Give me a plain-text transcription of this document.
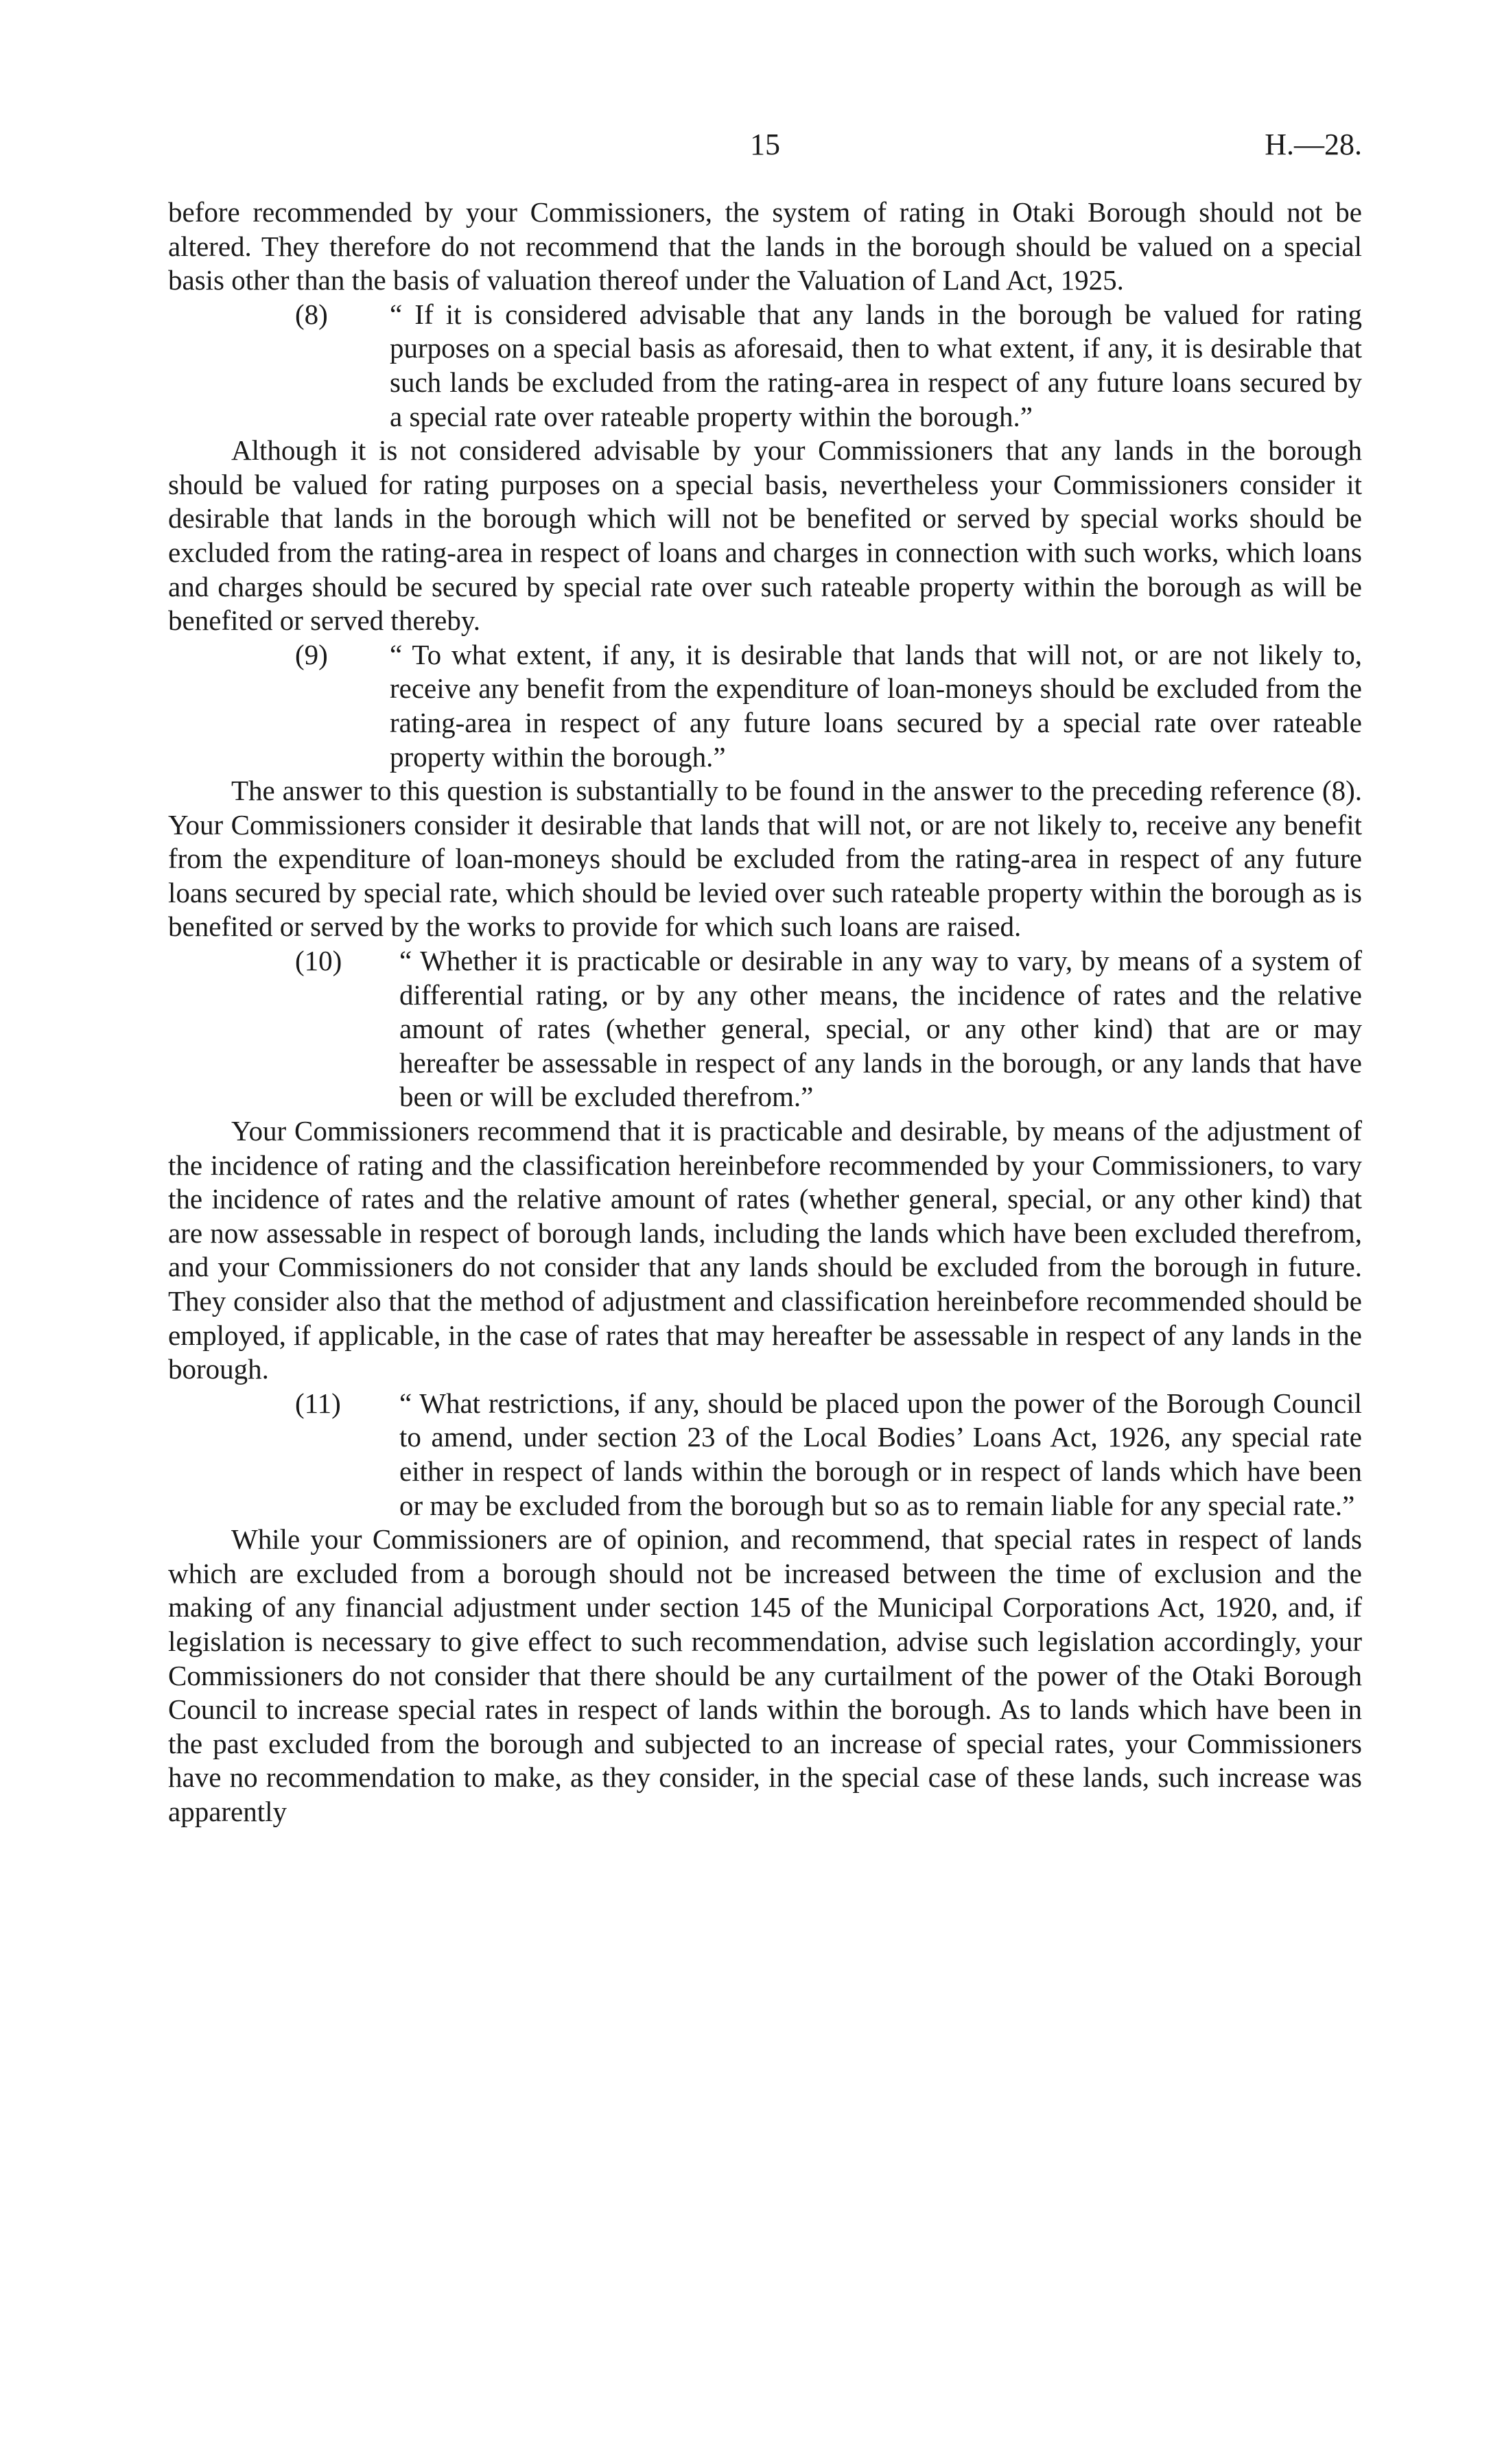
15	H.—28.

before recommended by your Commissioners, the system of rating in Otaki Borough should not be altered. They therefore do not recommend that the lands in the borough should be valued on a special basis other than the basis of valuation thereof under the Valuation of Land Act, 1925.

(8) “ If it is considered advisable that any lands in the borough be valued for rating purposes on a special basis as aforesaid, then to what extent, if any, it is desirable that such lands be excluded from the rating-area in respect of any future loans secured by a special rate over rateable property within the borough.”

Although it is not considered advisable by your Commissioners that any lands in the borough should be valued for rating purposes on a special basis, nevertheless your Commissioners consider it desirable that lands in the borough which will not be benefited or served by special works should be excluded from the rating-area in respect of loans and charges in connection with such works, which loans and charges should be secured by special rate over such rateable property within the borough as will be benefited or served thereby.

(9) “ To what extent, if any, it is desirable that lands that will not, or are not likely to, receive any benefit from the expenditure of loan-moneys should be excluded from the rating-area in respect of any future loans secured by a special rate over rateable property within the borough.”

The answer to this question is substantially to be found in the answer to the preceding reference (8). Your Commissioners consider it desirable that lands that will not, or are not likely to, receive any benefit from the expenditure of loan-moneys should be excluded from the rating-area in respect of any future loans secured by special rate, which should be levied over such rateable property within the borough as is benefited or served by the works to provide for which such loans are raised.

(10) “ Whether it is practicable or desirable in any way to vary, by means of a system of differential rating, or by any other means, the incidence of rates and the relative amount of rates (whether general, special, or any other kind) that are or may hereafter be assessable in respect of any lands in the borough, or any lands that have been or will be excluded therefrom.”

Your Commissioners recommend that it is practicable and desirable, by means of the adjustment of the incidence of rating and the classification hereinbefore recommended by your Commissioners, to vary the incidence of rates and the relative amount of rates (whether general, special, or any other kind) that are now assessable in respect of borough lands, including the lands which have been excluded therefrom, and your Commissioners do not consider that any lands should be excluded from the borough in future. They consider also that the method of adjustment and classification hereinbefore recommended should be employed, if applicable, in the case of rates that may hereafter be assessable in respect of any lands in the borough.

(11) “ What restrictions, if any, should be placed upon the power of the Borough Council to amend, under section 23 of the Local Bodies’ Loans Act, 1926, any special rate either in respect of lands within the borough or in respect of lands which have been or may be excluded from the borough but so as to remain liable for any special rate.”

While your Commissioners are of opinion, and recommend, that special rates in respect of lands which are excluded from a borough should not be increased between the time of exclusion and the making of any financial adjustment under section 145 of the Municipal Corporations Act, 1920, and, if legislation is necessary to give effect to such recommendation, advise such legislation accordingly, your Commissioners do not consider that there should be any curtailment of the power of the Otaki Borough Council to increase special rates in respect of lands within the borough. As to lands which have been in the past excluded from the borough and subjected to an increase of special rates, your Commissioners have no recommendation to make, as they consider, in the special case of these lands, such increase was apparently
